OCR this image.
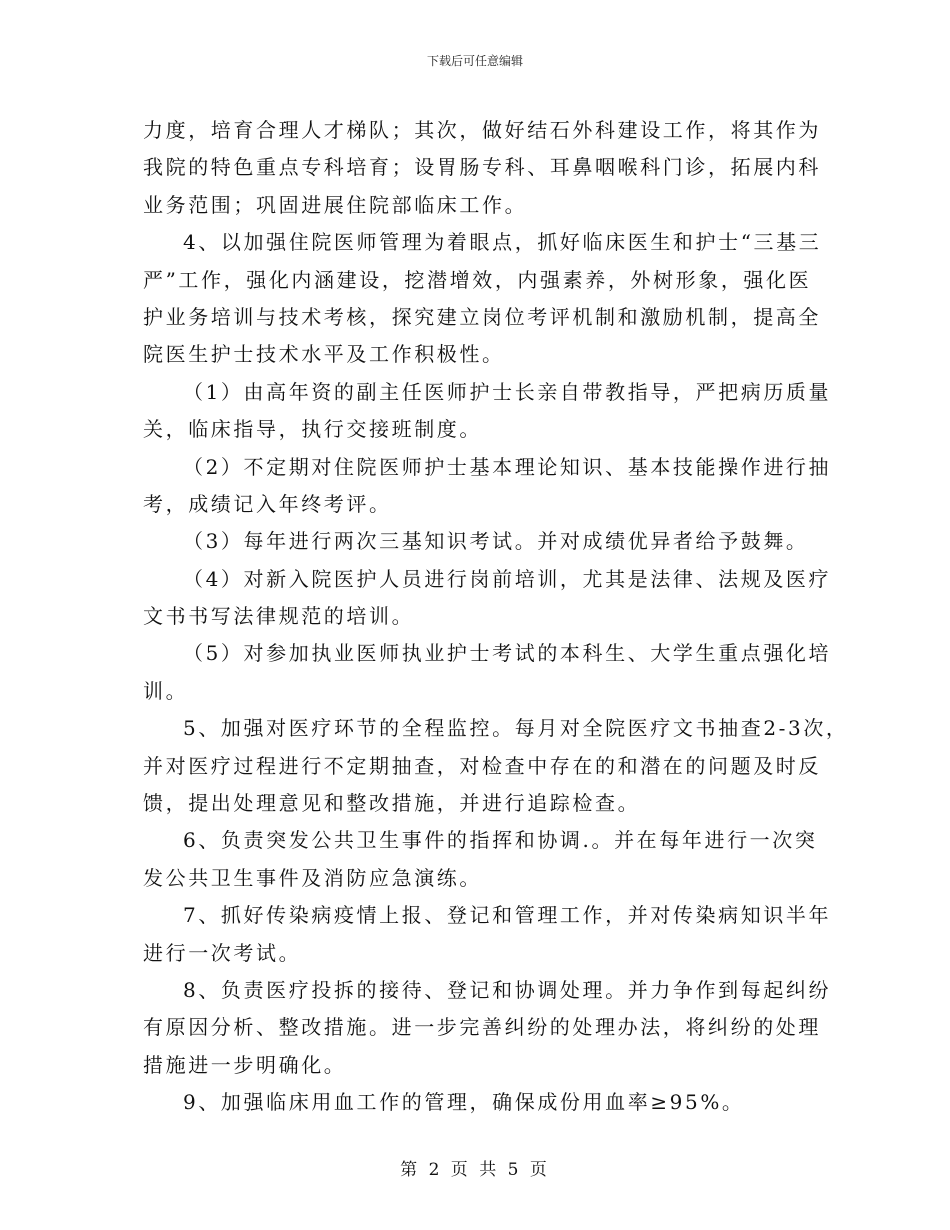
下载后可任意编辑
力度，培育合理人才梯队；其次，做好结石外科建设工作，将其作为
我院的特色重点专科培育；设胃肠专科、耳鼻咽喉科门诊，拓展内科
业务范围；巩固进展住院部临床工作。
4、以加强住院医师管理为着眼点，抓好临床医生和护士“三基三
严”工作，强化内涵建设，挖潜增效，内强素养，外树形象，强化医
护业务培训与技术考核，探究建立岗位考评机制和激励机制，提高全
院医生护士技术水平及工作积极性。
（1）由高年资的副主任医师护士长亲自带教指导，严把病历质量
关，临床指导，执行交接班制度。
（2）不定期对住院医师护士基本理论知识、基本技能操作进行抽
考，成绩记入年终考评。
（3）每年进行两次三基知识考试。并对成绩优异者给予鼓舞。
（4）对新入院医护人员进行岗前培训，尤其是法律、法规及医疗
文书书写法律规范的培训。
（5）对参加执业医师执业护士考试的本科生、大学生重点强化培
训。
5、加强对医疗环节的全程监控。每月对全院医疗文书抽查2-3次，
并对医疗过程进行不定期抽查，对检查中存在的和潜在的问题及时反
馈，提出处理意见和整改措施，并进行追踪检查。
6、负责突发公共卫生事件的指挥和协调.。并在每年进行一次突
发公共卫生事件及消防应急演练。
7、抓好传染病疫情上报、登记和管理工作，并对传染病知识半年
进行一次考试。
8、负责医疗投拆的接待、登记和协调处理。并力争作到每起纠纷
有原因分析、整改措施。进一步完善纠纷的处理办法，将纠纷的处理
措施进一步明确化。
9、加强临床用血工作的管理，确保成份用血率≥95%。
第 2 页 共 5 页
